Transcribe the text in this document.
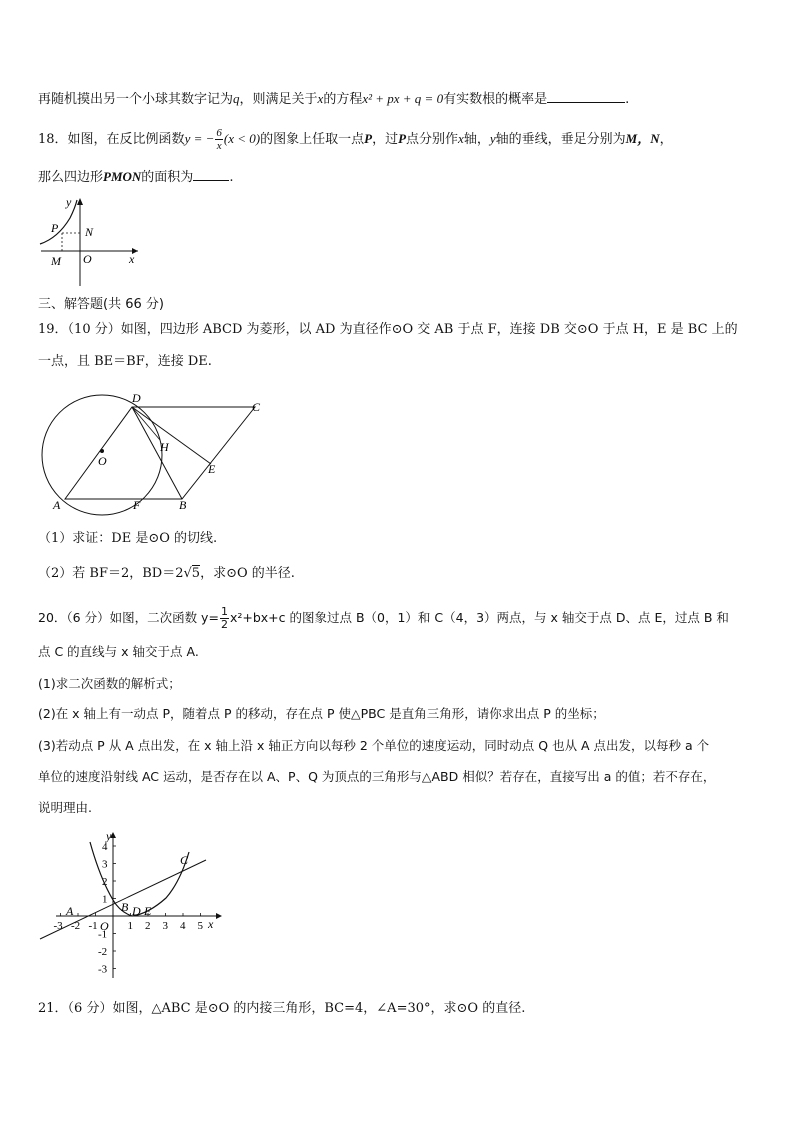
再随机摸出另一个小球其数字记为q，则满足关于x的方程x² + px + q = 0有实数根的概率是	.
18．如图，在反比例函数y = − $\frac{6}{x} (x < 0)$的图象上任取一点P，过P点分别作x轴，y轴的垂线，垂足分别为M，N，
那么四边形PMON的面积为	.
y
P N
M O	x
三、解答题(共 66 分)
19．（10 分）如图，四边形 ABCD 为菱形，以 AD 为直径作⊙O 交 AB 于点 F，连接 DB 交⊙O 于点 H，E 是 BC 上的
一点，且 BE＝BF，连接 DE.
D
C
H
O
E
A	F	B
（1）求证：DE 是⊙O 的切线.
（2）若 BF＝2，BD＝2√5，求⊙O 的半径.
20．（6 分）如图，二次函数 $y= \frac{1}{2} x^2+bx+c$ 的图象过点 B（0，1）和 C（4，3）两点，与 x 轴交于点 D、点 E，过点 B 和
点 C 的直线与 x 轴交于点 A.
(1)求二次函数的解析式；
(2)在 x 轴上有一动点 P，随着点 P 的移动，存在点 P 使△PBC 是直角三角形，请你求出点 P 的坐标；
(3)若动点 P 从 A 点出发，在 x 轴上沿 x 轴正方向以每秒 2 个单位的速度运动，同时动点 Q 也从 A 点出发，以每秒 a 个
单位的速度沿射线 AC 运动，是否存在以 A、P、Q 为顶点的三角形与△ABD 相似？若存在，直接写出 a 的值；若不存在，
说明理由.
-3 -2 -1	1 2 3 4 5
4
3
2
1
-1
-2
-3
y
x
O
A	B D E
C
21．（6 分）如图，△ABC 是⊙O 的内接三角形，BC=4，∠A=30°，求⊙O 的直径.
